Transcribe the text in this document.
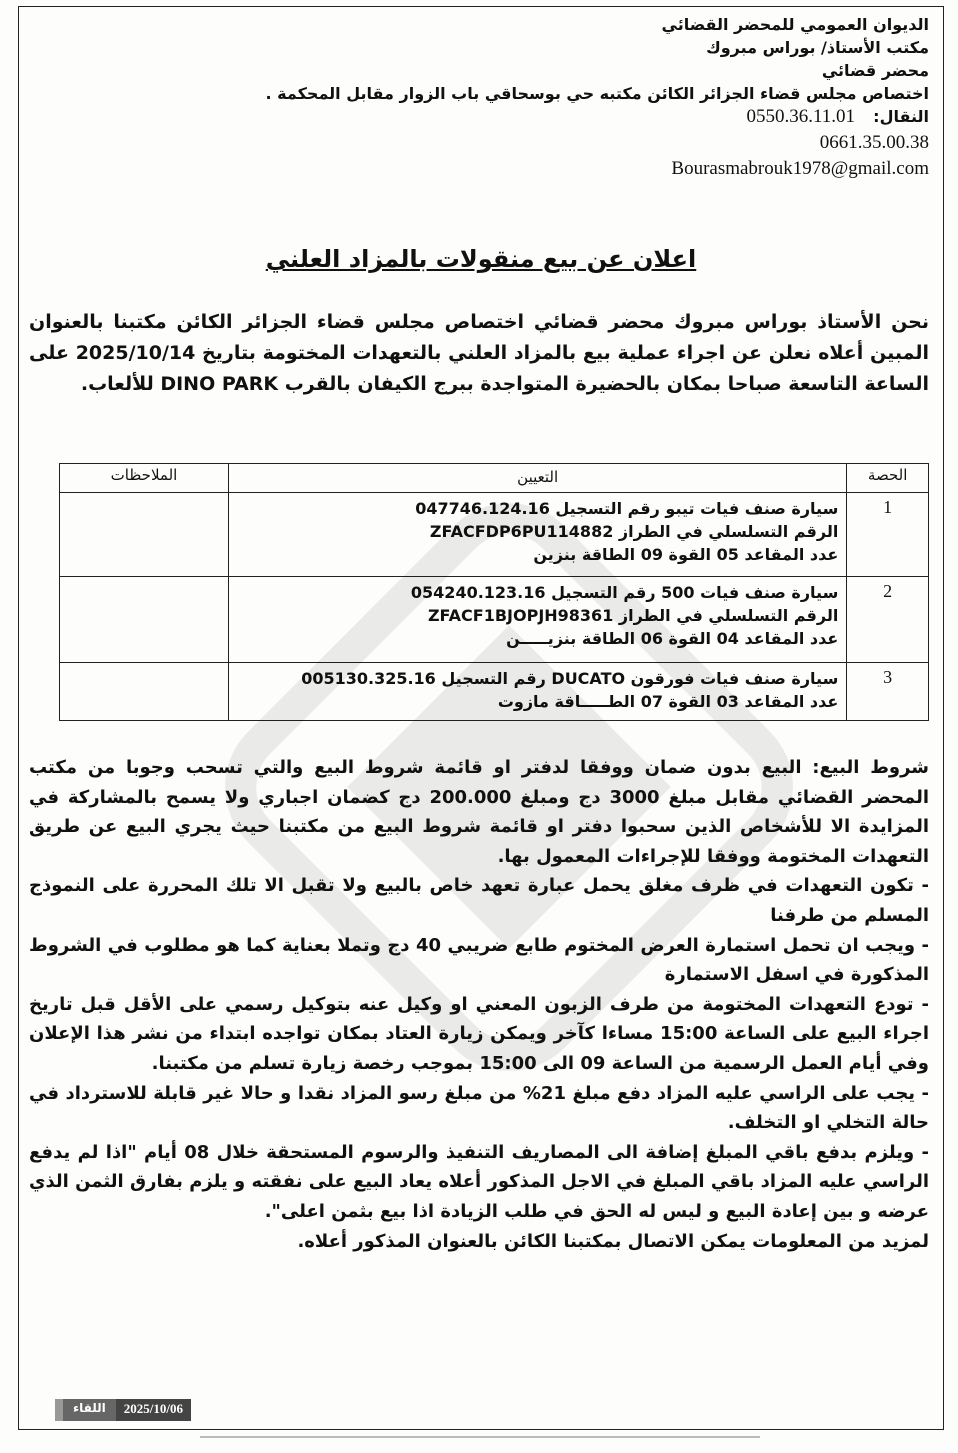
الديوان العمومي للمحضر القضائي
مكتب الأستاذ/ بوراس مبروك
محضر قضائي
اختصاص مجلس قضاء الجزائر الكائن مكتبه حي بوسحاقي باب الزوار مقابل المحكمة .
النقال:
0550.36.11.01
0661.35.00.38
Bourasmabrouk1978@gmail.com
اعلان عن بيع منقولات بالمزاد العلني
نحن الأستاذ بوراس مبروك محضر قضائي اختصاص مجلس قضاء الجزائر الكائن مكتبنا بالعنوان المبين أعلاه نعلن عن اجراء عملية بيع بالمزاد العلني بالتعهدات المختومة بتاريخ 2025/10/14 على الساعة التاسعة صباحا بمكان بالحضيرة المتواجدة ببرج الكيفان بالقرب DINO PARK للألعاب.
الحصة	التعيين	الملاحظات
1	سيارة صنف فيات تيبو رقم التسجيل 047746.124.16
الرقم التسلسلي في الطراز ZFACFDP6PU114882
عدد المقاعد 05 القوة 09 الطاقة بنزين	

2	سيارة صنف فيات 500 رقم التسجيل 054240.123.16
الرقم التسلسلي في الطراز ZFACF1BJOPJH98361
عدد المقاعد 04 القوة 06 الطاقة بنزيـــــن	

3	سيارة صنف فيات فورقون DUCATO رقم التسجيل 005130.325.16
عدد المقاعد 03 القوة 07 الطـــــاقة مازوت	

شروط البيع: البيع بدون ضمان ووفقا لدفتر او قائمة شروط البيع والتي تسحب وجوبا من مكتب المحضر القضائي مقابل مبلغ 3000 دج ومبلغ 200.000 دج كضمان اجباري ولا يسمح بالمشاركة في المزايدة الا للأشخاص الذين سحبوا دفتر او قائمة شروط البيع من مكتبنا حيث يجري البيع عن طريق التعهدات المختومة ووفقا للإجراءات المعمول بها.

- تكون التعهدات في ظرف مغلق يحمل عبارة تعهد خاص بالبيع ولا تقبل الا تلك المحررة على النموذج المسلم من طرفنا

- ويجب ان تحمل استمارة العرض المختوم طابع ضريبي 40 دج وتملا بعناية كما هو مطلوب في الشروط المذكورة في اسفل الاستمارة

- تودع التعهدات المختومة من طرف الزبون المعني او وكيل عنه بتوكيل رسمي على الأقل قبل تاريخ اجراء البيع على الساعة 15:00 مساءا كآخر ويمكن زيارة العتاد بمكان تواجده ابتداء من نشر هذا الإعلان وفي أيام العمل الرسمية من الساعة 09 الى 15:00 بموجب رخصة زيارة تسلم من مكتبنا.

- يجب على الراسي عليه المزاد دفع مبلغ 21% من مبلغ رسو المزاد نقدا و حالا غير قابلة للاسترداد في حالة التخلي او التخلف.

- ويلزم بدفع باقي المبلغ إضافة الى المصاريف التنفيذ والرسوم المستحقة خلال 08 أيام "اذا لم يدفع الراسي عليه المزاد باقي المبلغ في الاجل المذكور أعلاه يعاد البيع على نفقته و يلزم بفارق الثمن الذي عرضه و بين إعادة البيع و ليس له الحق في طلب الزيادة اذا بيع بثمن اعلى".

لمزيد من المعلومات يمكن الاتصال بمكتبنا الكائن بالعنوان المذكور أعلاه.

اللقاء	2025/10/06
